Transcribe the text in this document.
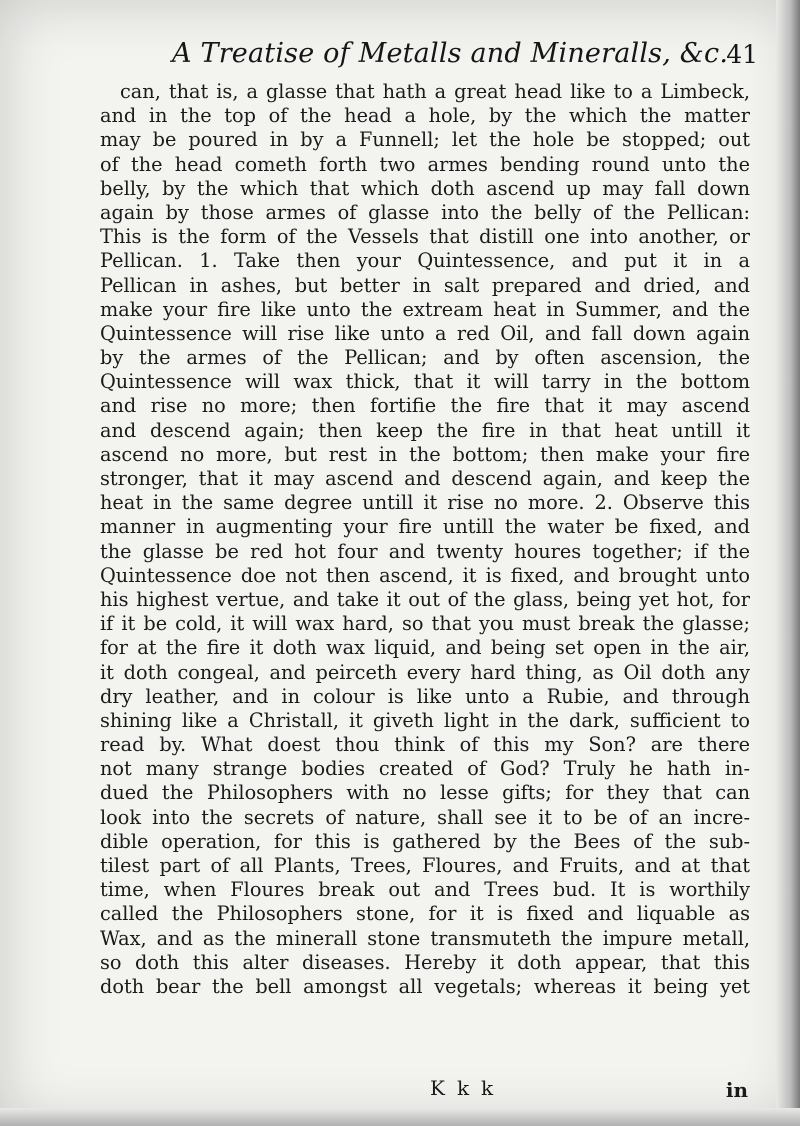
A Treatise of Metalls and Mineralls, &c.
41
can, that is, a glasse that hath a great head like to a Limbeck,
and in the top of the head a hole, by the which the matter
may be poured in by a Funnell; let the hole be stopped; out
of the head cometh forth two armes bending round unto the
belly, by the which that which doth ascend up may fall down
again by those armes of glasse into the belly of the Pellican:
This is the form of the Vessels that distill one into another, or
Pellican. 1. Take then your Quintessence, and put it in a
Pellican in ashes, but better in salt prepared and dried, and
make your fire like unto the extream heat in Summer, and the
Quintessence will rise like unto a red Oil, and fall down again
by the armes of the Pellican; and by often ascension, the
Quintessence will wax thick, that it will tarry in the bottom
and rise no more; then fortifie the fire that it may ascend
and descend again; then keep the fire in that heat untill it
ascend no more, but rest in the bottom; then make your fire
stronger, that it may ascend and descend again, and keep the
heat in the same degree untill it rise no more. 2. Observe this
manner in augmenting your fire untill the water be fixed, and
the glasse be red hot four and twenty houres together; if the
Quintessence doe not then ascend, it is fixed, and brought unto
his highest vertue, and take it out of the glass, being yet hot, for
if it be cold, it will wax hard, so that you must break the glasse;
for at the fire it doth wax liquid, and being set open in the air,
it doth congeal, and peirceth every hard thing, as Oil doth any
dry leather, and in colour is like unto a Rubie, and through
shining like a Christall, it giveth light in the dark, sufficient to
read by. What doest thou think of this my Son? are there
not many strange bodies created of God? Truly he hath in-
dued the Philosophers with no lesse gifts; for they that can
look into the secrets of nature, shall see it to be of an incre-
dible operation, for this is gathered by the Bees of the sub-
tilest part of all Plants, Trees, Floures, and Fruits, and at that
time, when Floures break out and Trees bud. It is worthily
called the Philosophers stone, for it is fixed and liquable as
Wax, and as the minerall stone transmuteth the impure metall,
so doth this alter diseases. Hereby it doth appear, that this
doth bear the bell amongst all vegetals; whereas it being yet
Kkk	in
